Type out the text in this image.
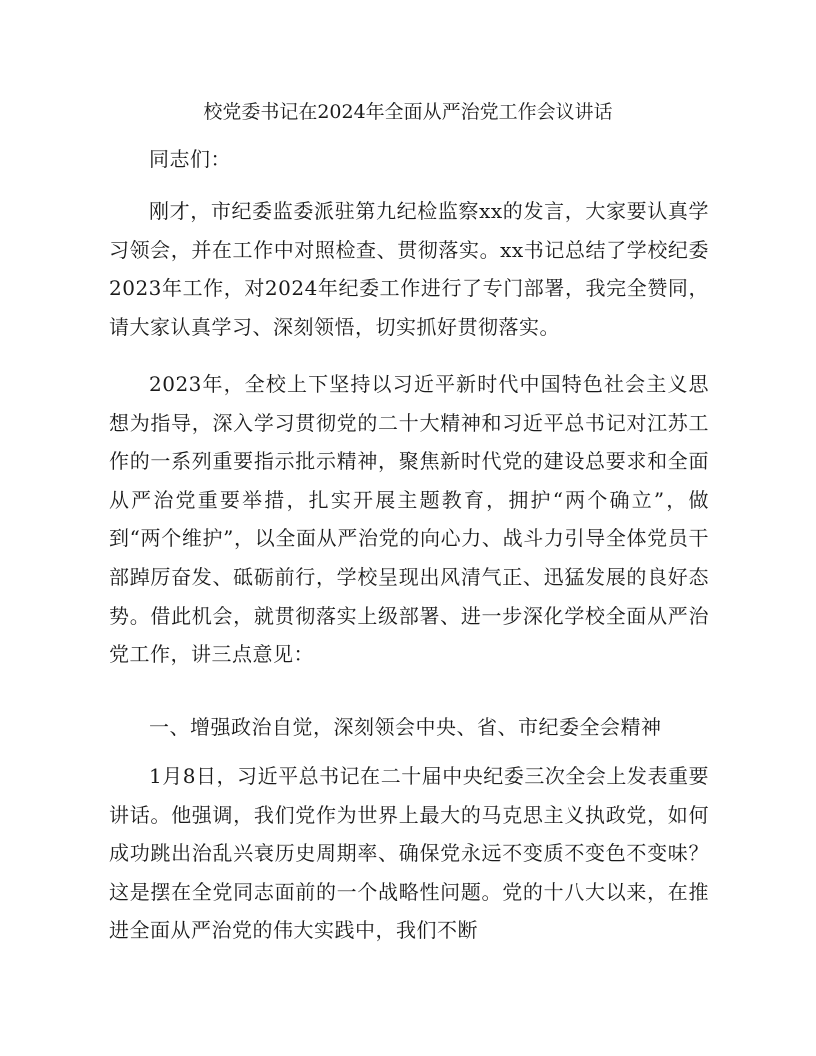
校党委书记在2024年全面从严治党工作会议讲话

同志们：

刚才，市纪委监委派驻第九纪检监察xx的发言，大家要认真学习领会，并在工作中对照检查、贯彻落实。xx书记总结了学校纪委2023年工作，对2024年纪委工作进行了专门部署，我完全赞同，请大家认真学习、深刻领悟，切实抓好贯彻落实。

2023年，全校上下坚持以习近平新时代中国特色社会主义思想为指导，深入学习贯彻党的二十大精神和习近平总书记对江苏工作的一系列重要指示批示精神，聚焦新时代党的建设总要求和全面从严治党重要举措，扎实开展主题教育，拥护“两个确立”，做到“两个维护”，以全面从严治党的向心力、战斗力引导全体党员干部踔厉奋发、砥砺前行，学校呈现出风清气正、迅猛发展的良好态势。借此机会，就贯彻落实上级部署、进一步深化学校全面从严治党工作，讲三点意见：

一、增强政治自觉，深刻领会中央、省、市纪委全会精神

1月8日，习近平总书记在二十届中央纪委三次全会上发表重要讲话。他强调，我们党作为世界上最大的马克思主义执政党，如何成功跳出治乱兴衰历史周期率、确保党永远不变质不变色不变味？这是摆在全党同志面前的一个战略性问题。党的十八大以来，在推进全面从严治党的伟大实践中，我们不断
